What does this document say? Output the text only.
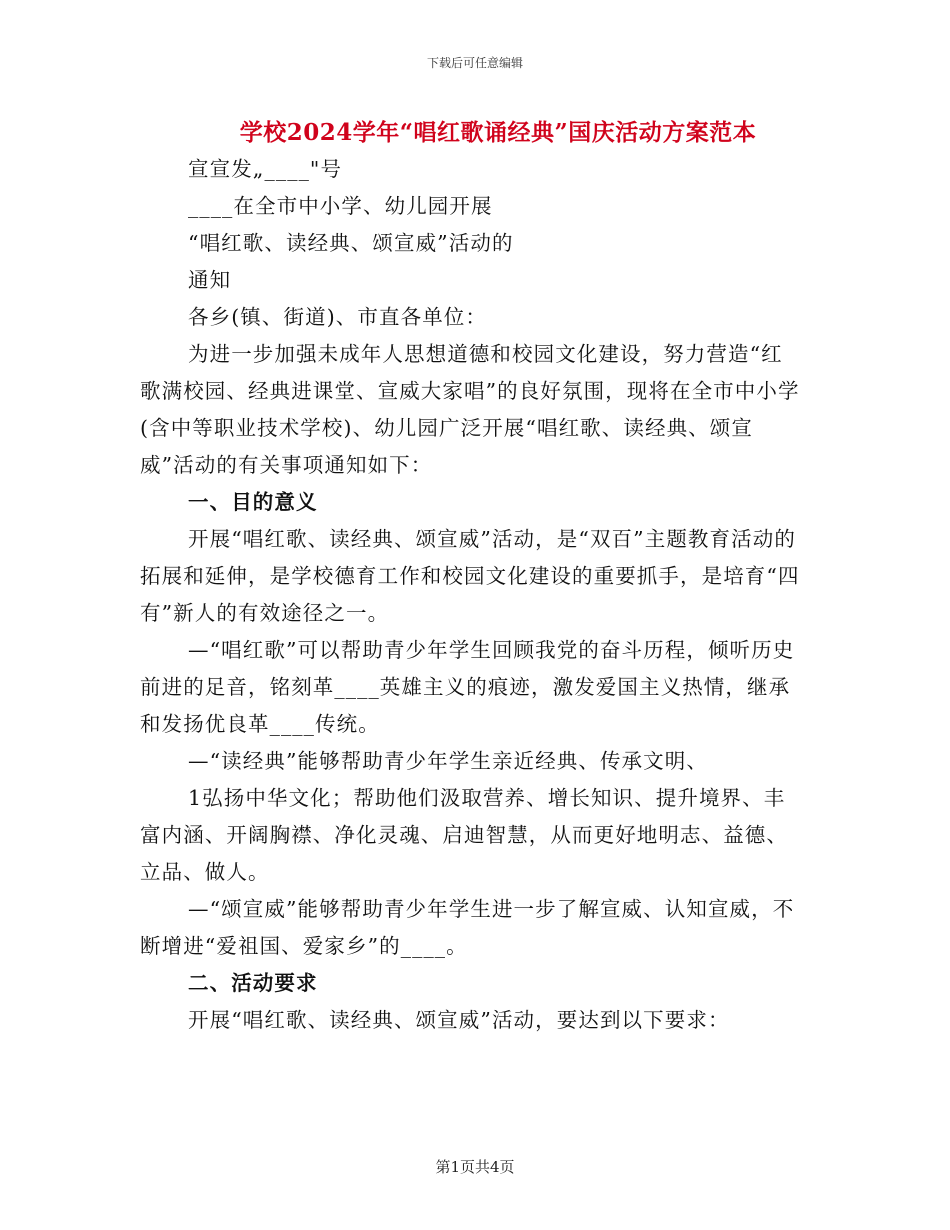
下载后可任意编辑
学校2024学年“唱红歌诵经典”国庆活动方案范本

宣宣发„____"号

____在全市中小学、幼儿园开展

“唱红歌、读经典、颂宣威”活动的

通知

各乡(镇、街道)、市直各单位：

为进一步加强未成年人思想道德和校园文化建设，努力营造“红歌满校园、经典进课堂、宣威大家唱”的良好氛围，现将在全市中小学(含中等职业技术学校)、幼儿园广泛开展“唱红歌、读经典、颂宣威”活动的有关事项通知如下：

一、目的意义

开展“唱红歌、读经典、颂宣威”活动，是“双百”主题教育活动的拓展和延伸，是学校德育工作和校园文化建设的重要抓手，是培育“四有”新人的有效途径之一。

—“唱红歌”可以帮助青少年学生回顾我党的奋斗历程，倾听历史前进的足音，铭刻革____英雄主义的痕迹，激发爱国主义热情，继承和发扬优良革____传统。

—“读经典”能够帮助青少年学生亲近经典、传承文明、

1弘扬中华文化；帮助他们汲取营养、增长知识、提升境界、丰富内涵、开阔胸襟、净化灵魂、启迪智慧，从而更好地明志、益德、立品、做人。

—“颂宣威”能够帮助青少年学生进一步了解宣威、认知宣威，不断增进“爱祖国、爱家乡”的____。

二、活动要求

开展“唱红歌、读经典、颂宣威”活动，要达到以下要求：

第1页共4页
